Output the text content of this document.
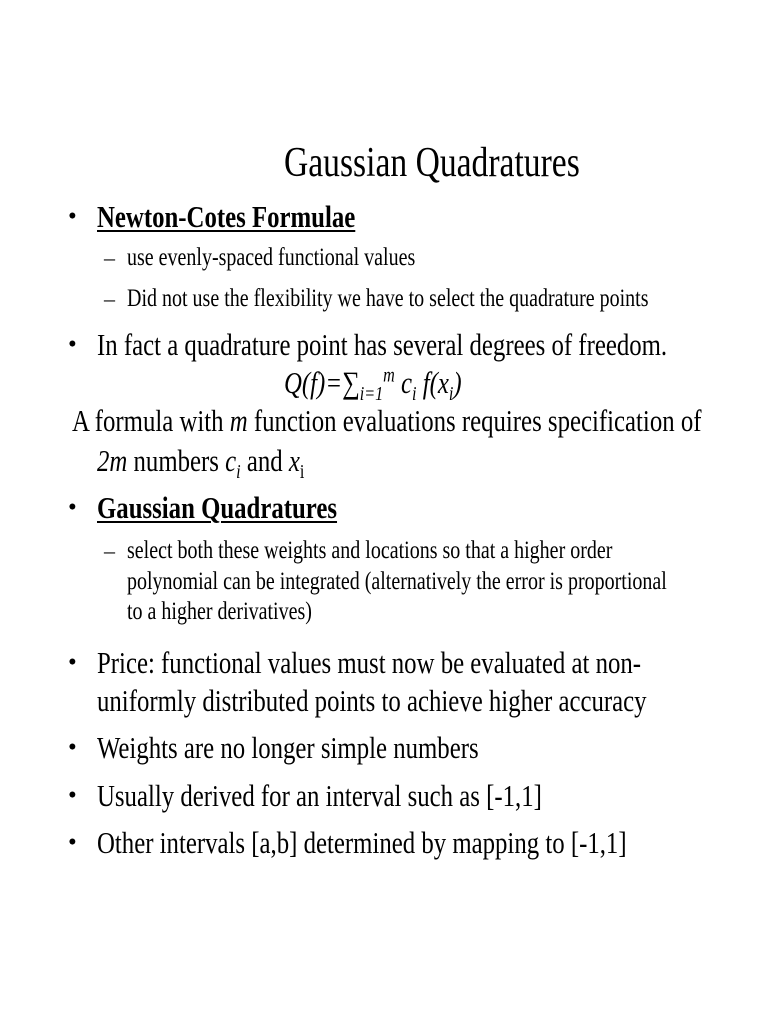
Gaussian Quadratures
• Newton-Cotes Formulae
– use evenly-spaced functional values
– Did not use the flexibility we have to select the quadrature points
• In fact a quadrature point has several degrees of freedom.
$Q(f)=\sum_{i=1}^m$ $c_i$ $f(x_i)$
A formula with m function evaluations requires specification of
2m numbers $c_i$ and $x_i$
• Gaussian Quadratures
– select both these weights and locations so that a higher order
polynomial can be integrated (alternatively the error is proportional
to a higher derivatives)
• Price: functional values must now be evaluated at non-
uniformly distributed points to achieve higher accuracy
• Weights are no longer simple numbers
• Usually derived for an interval such as [-1,1]
• Other intervals [a,b] determined by mapping to [-1,1]
